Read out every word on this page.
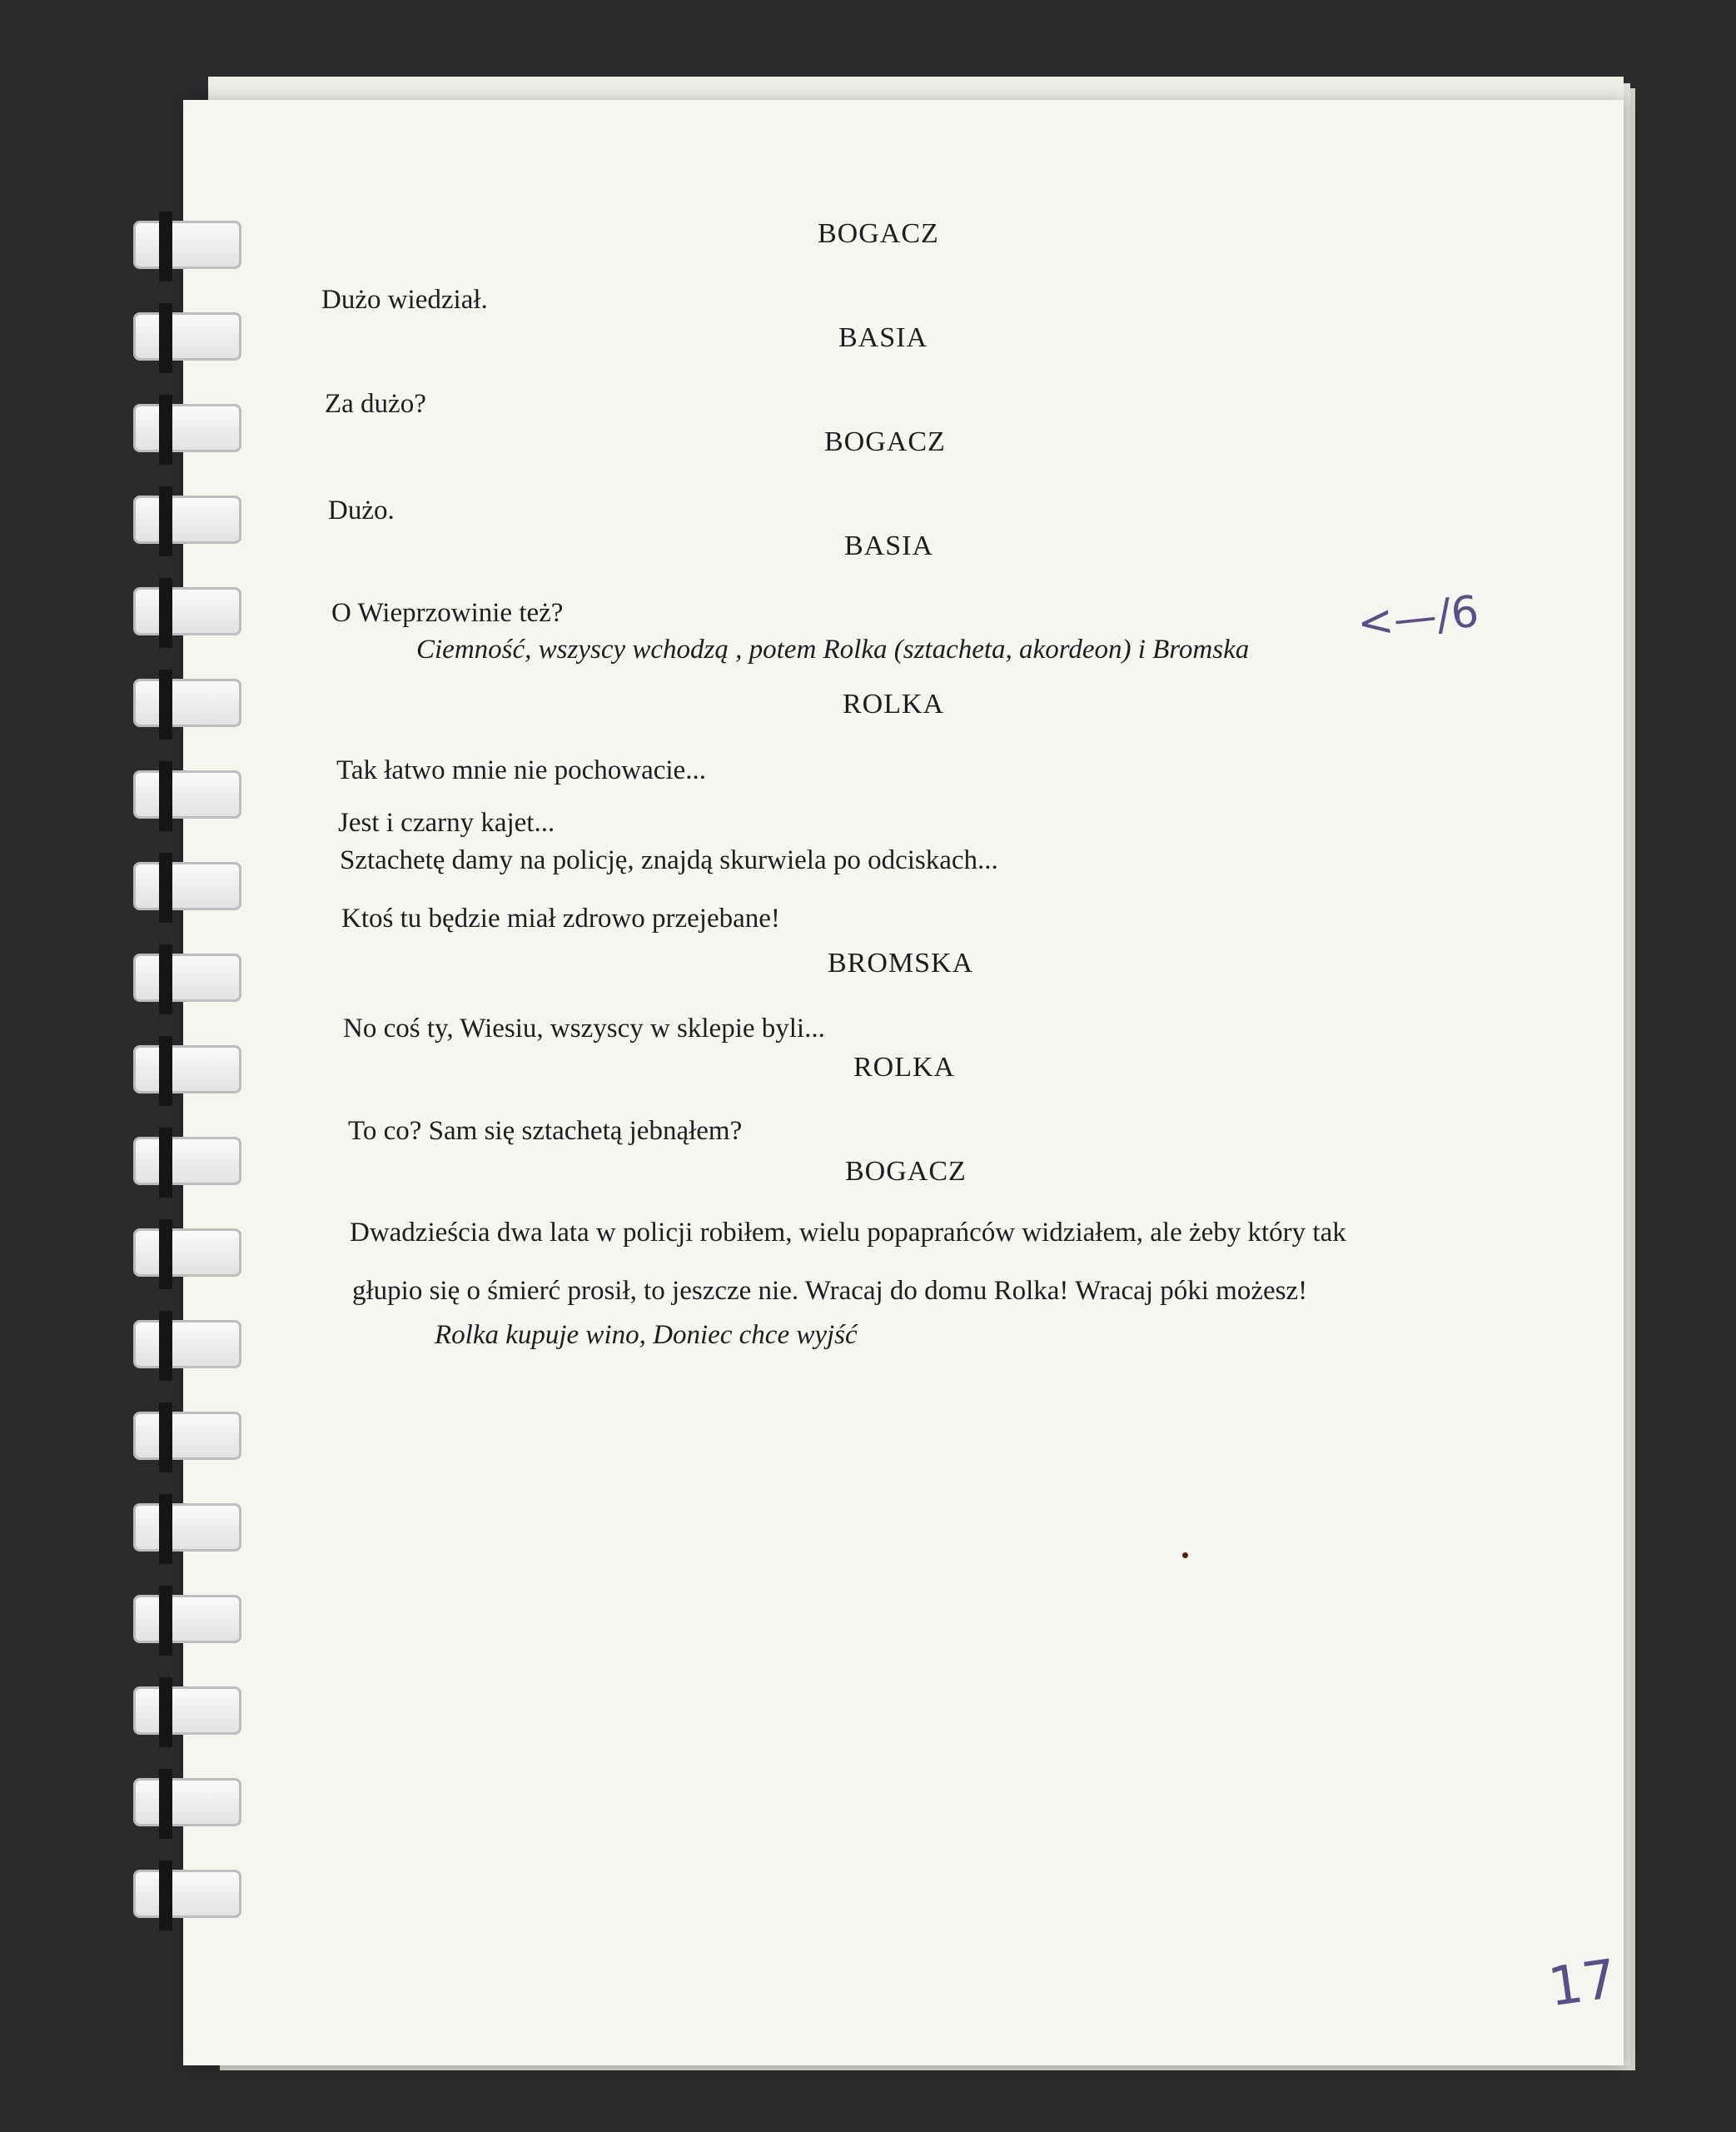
BOGACZ
Dużo wiedział.
BASIA
Za dużo?
BOGACZ
Dużo.
BASIA
O Wieprzowinie też?
Ciemność, wszyscy wchodzą , potem Rolka (sztacheta, akordeon) i Bromska
ROLKA
Tak łatwo mnie nie pochowacie...
Jest i czarny kajet...
Sztachetę damy na policję, znajdą skurwiela po odciskach...
Ktoś tu będzie miał zdrowo przejebane!
BROMSKA
No coś ty, Wiesiu, wszyscy w sklepie byli...
ROLKA
To co? Sam się sztachetą jebnąłem?
BOGACZ
Dwadzieścia dwa lata w policji robiłem, wielu popaprańców widziałem, ale żeby który tak
głupio się o śmierć prosił, to jeszcze nie. Wracaj do domu Rolka! Wracaj póki możesz!
Rolka kupuje wino, Doniec chce wyjść
<—/6
17
